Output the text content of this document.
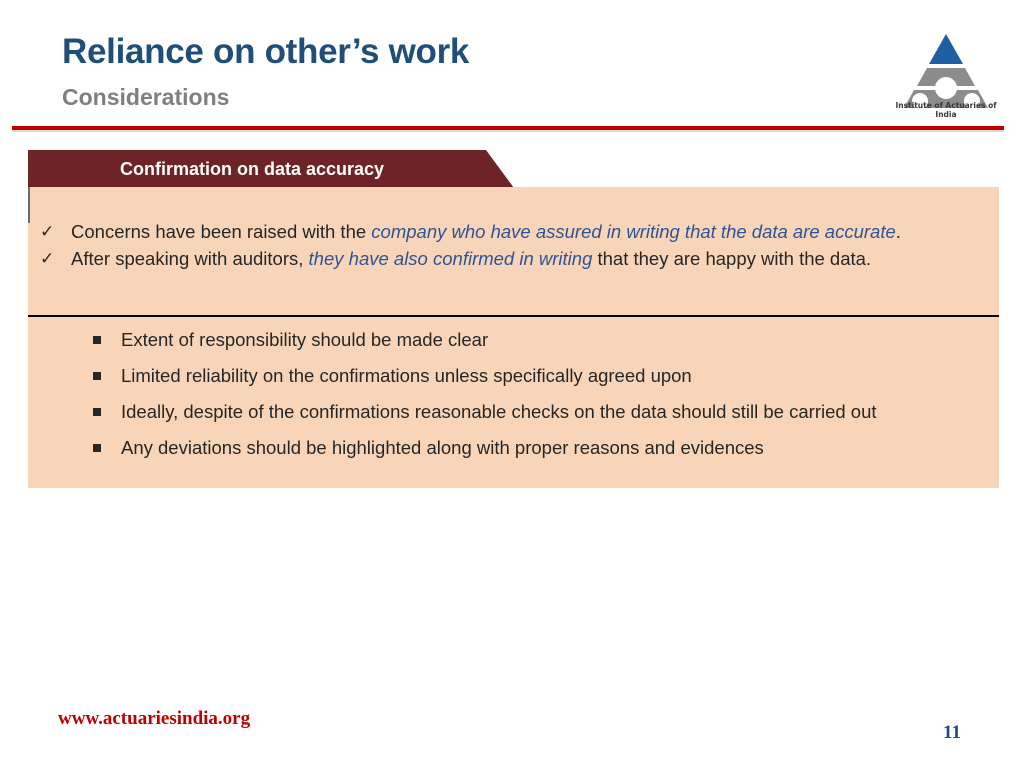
Reliance on other’s work
Considerations	Institute of Actuaries of India
Confirmation on data accuracy
✓ Concerns have been raised with the company who have assured in writing that the data are accurate.
✓ After speaking with auditors, they have also confirmed in writing that they are happy with the data.
Extent of responsibility should be made clear
Limited reliability on the confirmations unless specifically agreed upon
Ideally, despite of the confirmations reasonable checks on the data should still be carried out
Any deviations should be highlighted along with proper reasons and evidences
www.actuariesindia.org
11
